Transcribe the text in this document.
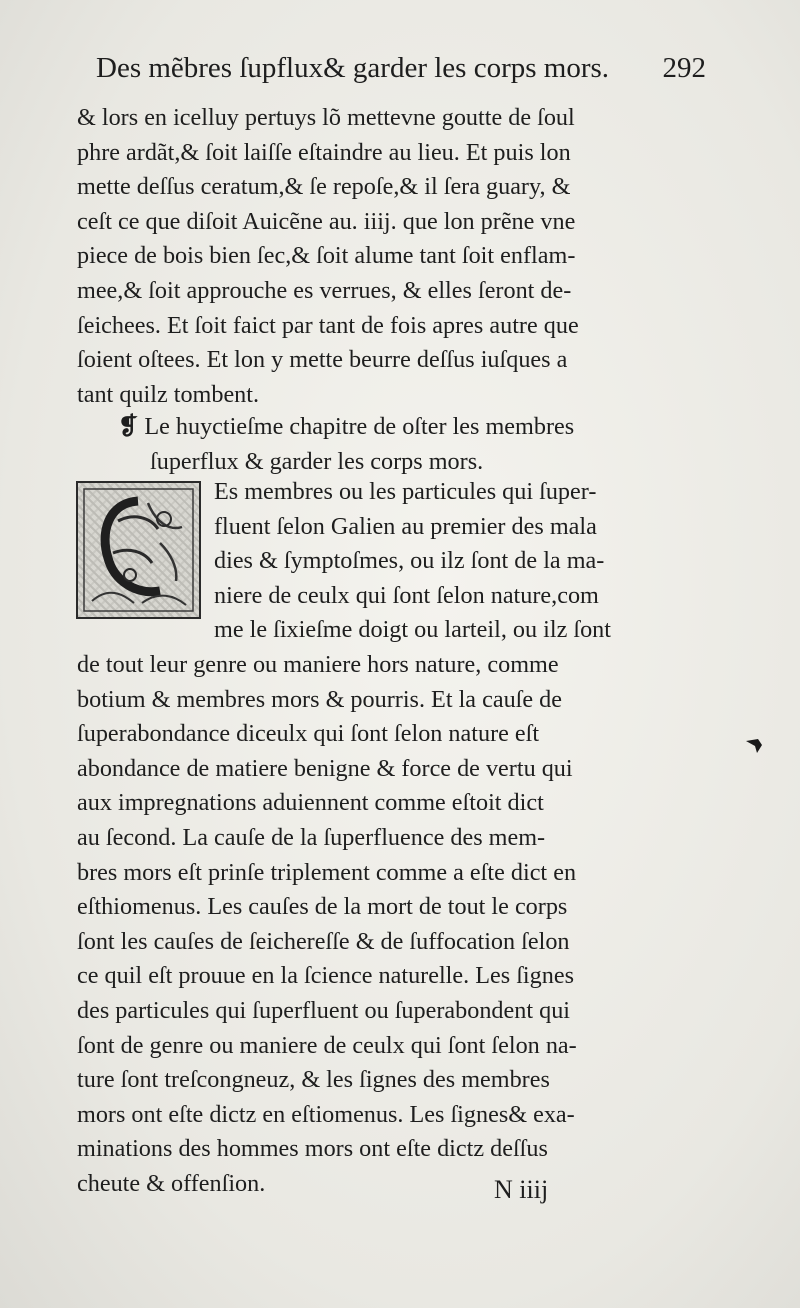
Des mẽbres ſupflux& garder les corps mors. 292
& lors en icelluy pertuys lõ mettevne goutte de ſoul
phre ardãt,& ſoit laiſſe eſtaindre au lieu. Et puis lon
mette deſſus ceratum,& ſe repoſe,& il ſera guary, &
ceſt ce que diſoit Auicẽne au. iiij. que lon prẽne vne
piece de bois bien ſec,& ſoit alume tant ſoit enflam-
mee,& ſoit approuche es verrues, & elles ſeront de-
ſeichees. Et ſoit faict par tant de fois apres autre que
ſoient oſtees. Et lon y mette beurre deſſus iuſques a
tant quilz tombent.
❡ Le huyctieſme chapitre de oſter les membres
ſuperflux & garder les corps mors.
Es membres ou les particules qui ſuper-
fluent ſelon Galien au premier des mala
dies & ſymptoſmes, ou ilz ſont de la ma-
niere de ceulx qui ſont ſelon nature,com
me le ſixieſme doigt ou larteil, ou ilz ſont
de tout leur genre ou maniere hors nature, comme
botium & membres mors & pourris. Et la cauſe de
ſuperabondance diceulx qui ſont ſelon nature eſt
abondance de matiere benigne & force de vertu qui
aux impregnations aduiennent comme eſtoit dict
au ſecond. La cauſe de la ſuperfluence des mem-
bres mors eſt prinſe triplement comme a eſte dict en
eſthiomenus. Les cauſes de la mort de tout le corps
ſont les cauſes de ſeichereſſe & de ſuffocation ſelon
ce quil eſt prouue en la ſcience naturelle. Les ſignes
des particules qui ſuperfluent ou ſuperabondent qui
ſont de genre ou maniere de ceulx qui ſont ſelon na-
ture ſont treſcongneuz, & les ſignes des membres
mors ont eſte dictz en eſtiomenus. Les ſignes& exa-
minations des hommes mors ont eſte dictz deſſus
cheute & offenſion.	N iiij
